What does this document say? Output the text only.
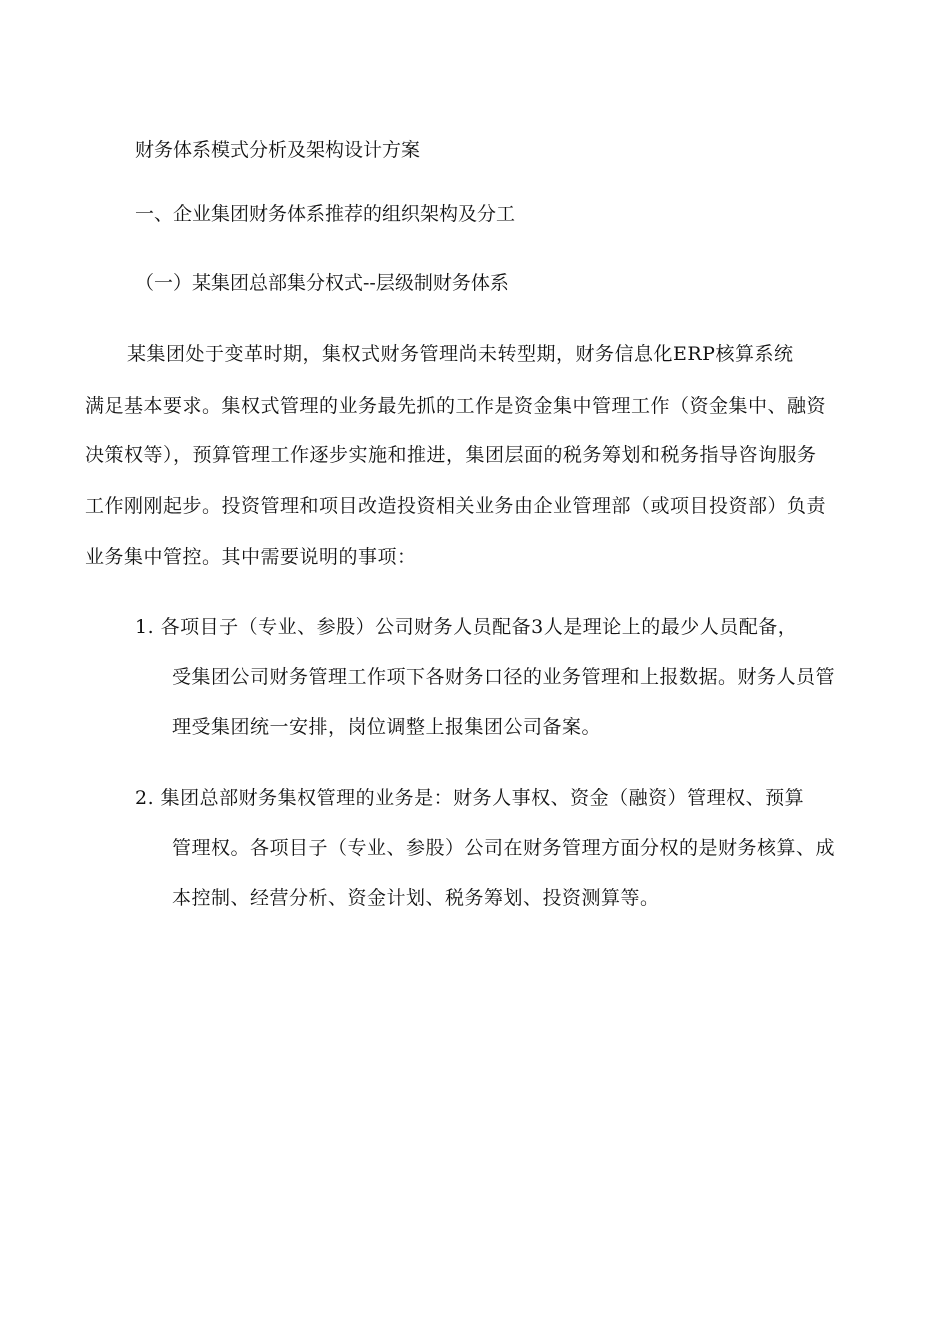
财务体系模式分析及架构设计方案
一、企业集团财务体系推荐的组织架构及分工
（一）某集团总部集分权式--层级制财务体系
某集团处于变革时期，集权式财务管理尚未转型期，财务信息化ERP核算系统
满足基本要求。集权式管理的业务最先抓的工作是资金集中管理工作（资金集中、融资
决策权等），预算管理工作逐步实施和推进，集团层面的税务筹划和税务指导咨询服务
工作刚刚起步。投资管理和项目改造投资相关业务由企业管理部（或项目投资部）负责
业务集中管控。其中需要说明的事项：
1. 各项目子（专业、参股）公司财务人员配备3人是理论上的最少人员配备，
受集团公司财务管理工作项下各财务口径的业务管理和上报数据。财务人员管
理受集团统一安排，岗位调整上报集团公司备案。
2. 集团总部财务集权管理的业务是：财务人事权、资金（融资）管理权、预算
管理权。各项目子（专业、参股）公司在财务管理方面分权的是财务核算、成
本控制、经营分析、资金计划、税务筹划、投资测算等。
